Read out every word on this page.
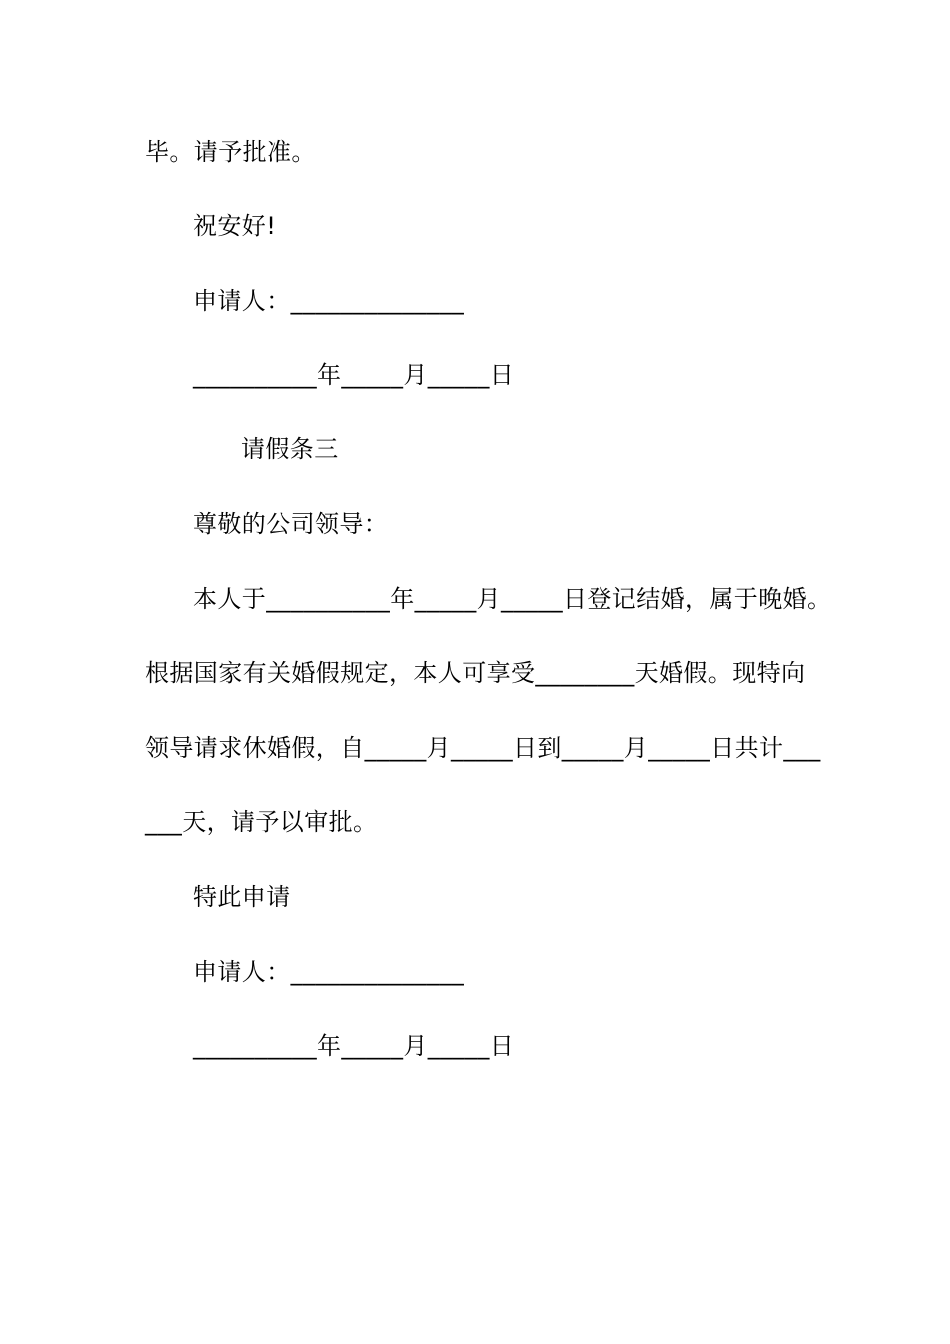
毕。请予批准。
祝安好!
申请人：______________
__________年_____月_____日
请假条三
尊敬的公司领导：
本人于__________年_____月_____日登记结婚，属于晚婚。
根据国家有关婚假规定，本人可享受________天婚假。现特向
领导请求休婚假，自_____月_____日到_____月_____日共计___
___天，请予以审批。
特此申请
申请人：______________
__________年_____月_____日
